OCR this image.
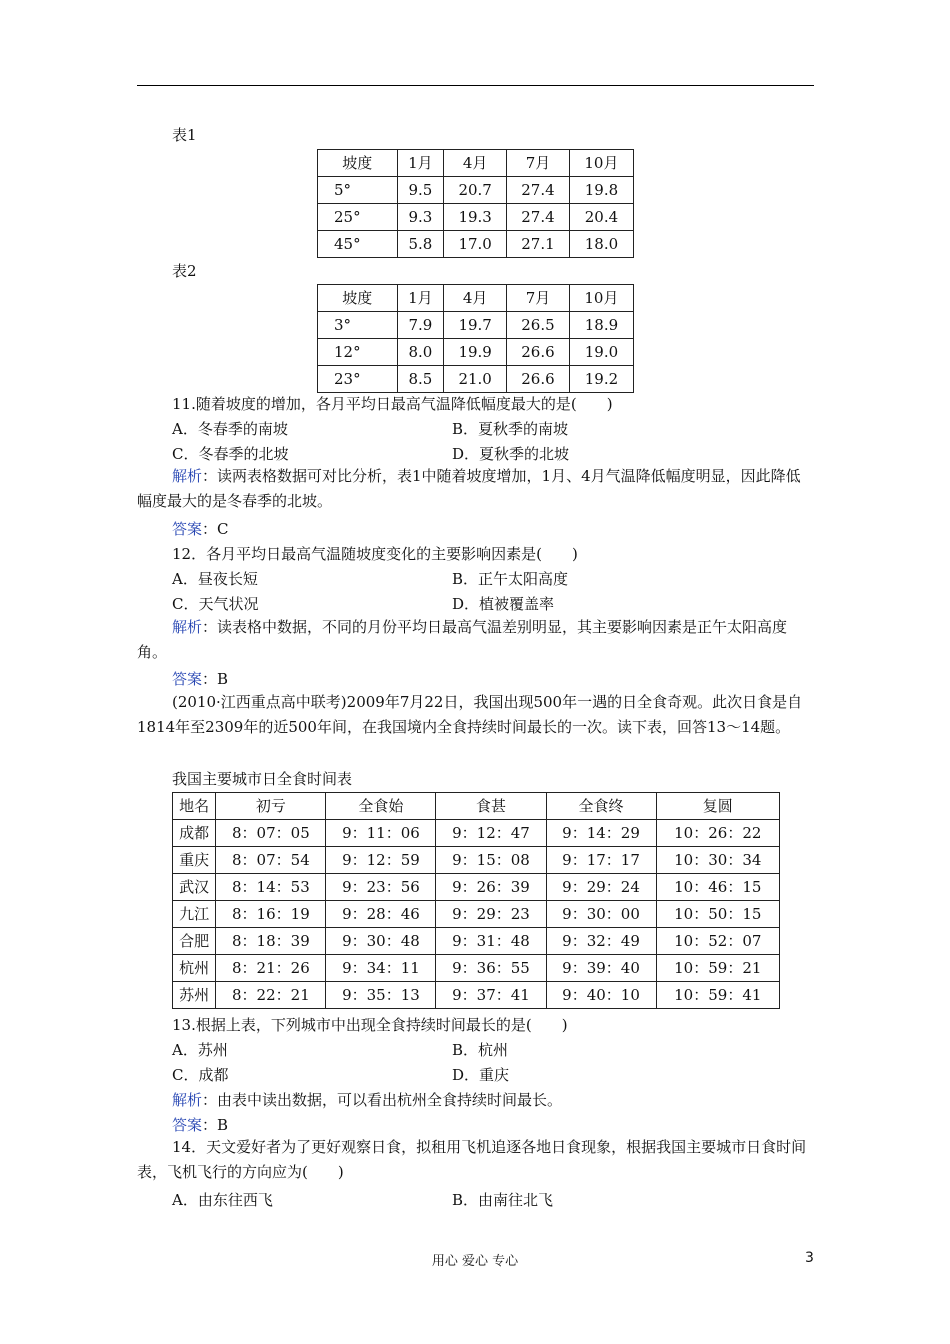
表1
坡度	1月	4月	7月	10月
5°	9.5	20.7	27.4	19.8
25°	9.3	19.3	27.4	20.4
45°	5.8	17.0	27.1	18.0
表2
坡度	1月	4月	7月	10月
3°	7.9	19.7	26.5	18.9
12°	8.0	19.9	26.6	19.0
23°	8.5	21.0	26.6	19.2
11.随着坡度的增加，各月平均日最高气温降低幅度最大的是(　　)
A．冬春季的南坡	B．夏秋季的南坡
C．冬春季的北坡	D．夏秋季的北坡
解析：读两表格数据可对比分析，表1中随着坡度增加，1月、4月气温降低幅度明显，因此降低幅度最大的是冬春季的北坡。
答案：C
12．各月平均日最高气温随坡度变化的主要影响因素是(　　)
A．昼夜长短	B．正午太阳高度
C．天气状况	D．植被覆盖率
解析：读表格中数据，不同的月份平均日最高气温差别明显，其主要影响因素是正午太阳高度角。
答案：B
(2010·江西重点高中联考)2009年7月22日，我国出现500年一遇的日全食奇观。此次日食是自1814年至2309年的近500年间，在我国境内全食持续时间最长的一次。读下表，回答13～14题。
我国主要城市日全食时间表
地名	初亏	全食始	食甚	全食终	复圆
成都	8：07：05	9：11：06	9：12：47	9：14：29	10：26：22
重庆	8：07：54	9：12：59	9：15：08	9：17：17	10：30：34
武汉	8：14：53	9：23：56	9：26：39	9：29：24	10：46：15
九江	8：16：19	9：28：46	9：29：23	9：30：00	10：50：15
合肥	8：18：39	9：30：48	9：31：48	9：32：49	10：52：07
杭州	8：21：26	9：34：11	9：36：55	9：39：40	10：59：21
苏州	8：22：21	9：35：13	9：37：41	9：40：10	10：59：41
13.根据上表，下列城市中出现全食持续时间最长的是(　　)
A．苏州	B．杭州
C．成都	D．重庆
解析：由表中读出数据，可以看出杭州全食持续时间最长。
答案：B
14．天文爱好者为了更好观察日食，拟租用飞机追逐各地日食现象，根据我国主要城市日食时间表，飞机飞行的方向应为(　　)
A．由东往西飞	B．由南往北飞
用心 爱心 专心	3
